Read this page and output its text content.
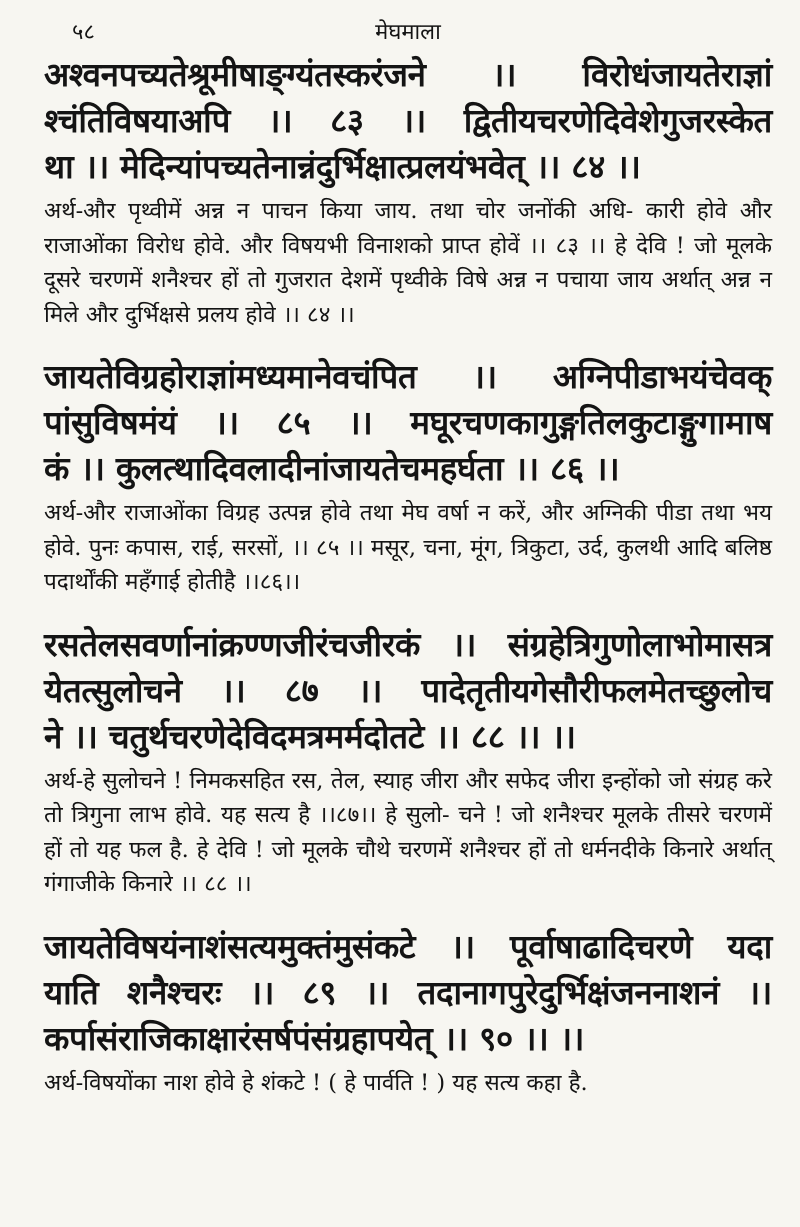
५८	मेघमाला
अश्वनपच्यतेश्रूमीषाङ्ग्यंतस्करंजने ।। विरोधंजायतेराज्ञां
श्चंतिविषयाअपि ।। ८३ ।। द्वितीयचरणेदिवेशेगुजरस्केत
था ।। मेदिन्यांपच्यतेनान्नंदुर्भिक्षात्प्रलयंभवेत् ।। ८४ ।।

अर्थ-और पृथ्वीमें अन्न न पाचन किया जाय. तथा चोर जनोंकी अधि- कारी होवे और राजाओंका विरोध होवे. और विषयभी विनाशको प्राप्त होवें ।। ८३ ।। हे देवि ! जो मूलके दूसरे चरणमें शनैश्चर हों तो गुजरात देशमें पृथ्वीके विषे अन्न न पचाया जाय अर्थात् अन्न न मिले और दुर्भिक्षसे प्रलय होवे ।। ८४ ।।

जायतेविग्रहोराज्ञांमध्यमानेवचंपित ।। अग्निपीडाभयंचेवक्
पांसुविषमंयं ।। ८५ ।। मघूरचणकागुङ्गतिलकुटाङ्गुगामाष
कं ।। कुलत्थादिवलादीनांजायतेचमहर्घता ।। ८६ ।।

अर्थ-और राजाओंका विग्रह उत्पन्न होवे तथा मेघ वर्षा न करें, और अग्निकी पीडा तथा भय होवे. पुनः कपास, राई, सरसों, ।। ८५ ।। मसूर, चना, मूंग, त्रिकुटा, उर्द, कुलथी आदि बलिष्ठ पदार्थोंकी महँगाई होतीहै ।।८६।।

रसतेलसवर्णानांक्रण्णजीरंचजीरकं ।। संग्रहेत्रिगुणोलाभोमासत्र
येतत्सुलोचने ।। ८७ ।। पादेतृतीयगेसौरीफलमेतच्छुलोच
ने ।। चतुर्थचरणेदेविदमत्रमर्मदोतटे ।। ८८ ।। ।।

अर्थ-हे सुलोचने ! निमकसहित रस, तेल, स्याह जीरा और सफेद जीरा इन्होंको जो संग्रह करे तो त्रिगुना लाभ होवे. यह सत्य है ।।८७।। हे सुलो- चने ! जो शनैश्चर मूलके तीसरे चरणमें हों तो यह फल है. हे देवि ! जो मूलके चौथे चरणमें शनैश्चर हों तो धर्मनदीके किनारे अर्थात् गंगाजीके किनारे ।। ८८ ।।

जायतेविषयंनाशंसत्यमुक्तंमुसंकटे ।। पूर्वाषाढादिचरणे यदा
याति शनैश्चरः ।। ८९ ।। तदानागपुरेदुर्भिक्षंजननाशनं ।।
कर्पासंराजिकाक्षारंसर्षपंसंग्रहापयेत् ।। ९० ।। ।।

अर्थ-विषयोंका नाश होवे हे शंकटे ! ( हे पार्वति ! ) यह सत्य कहा है.
